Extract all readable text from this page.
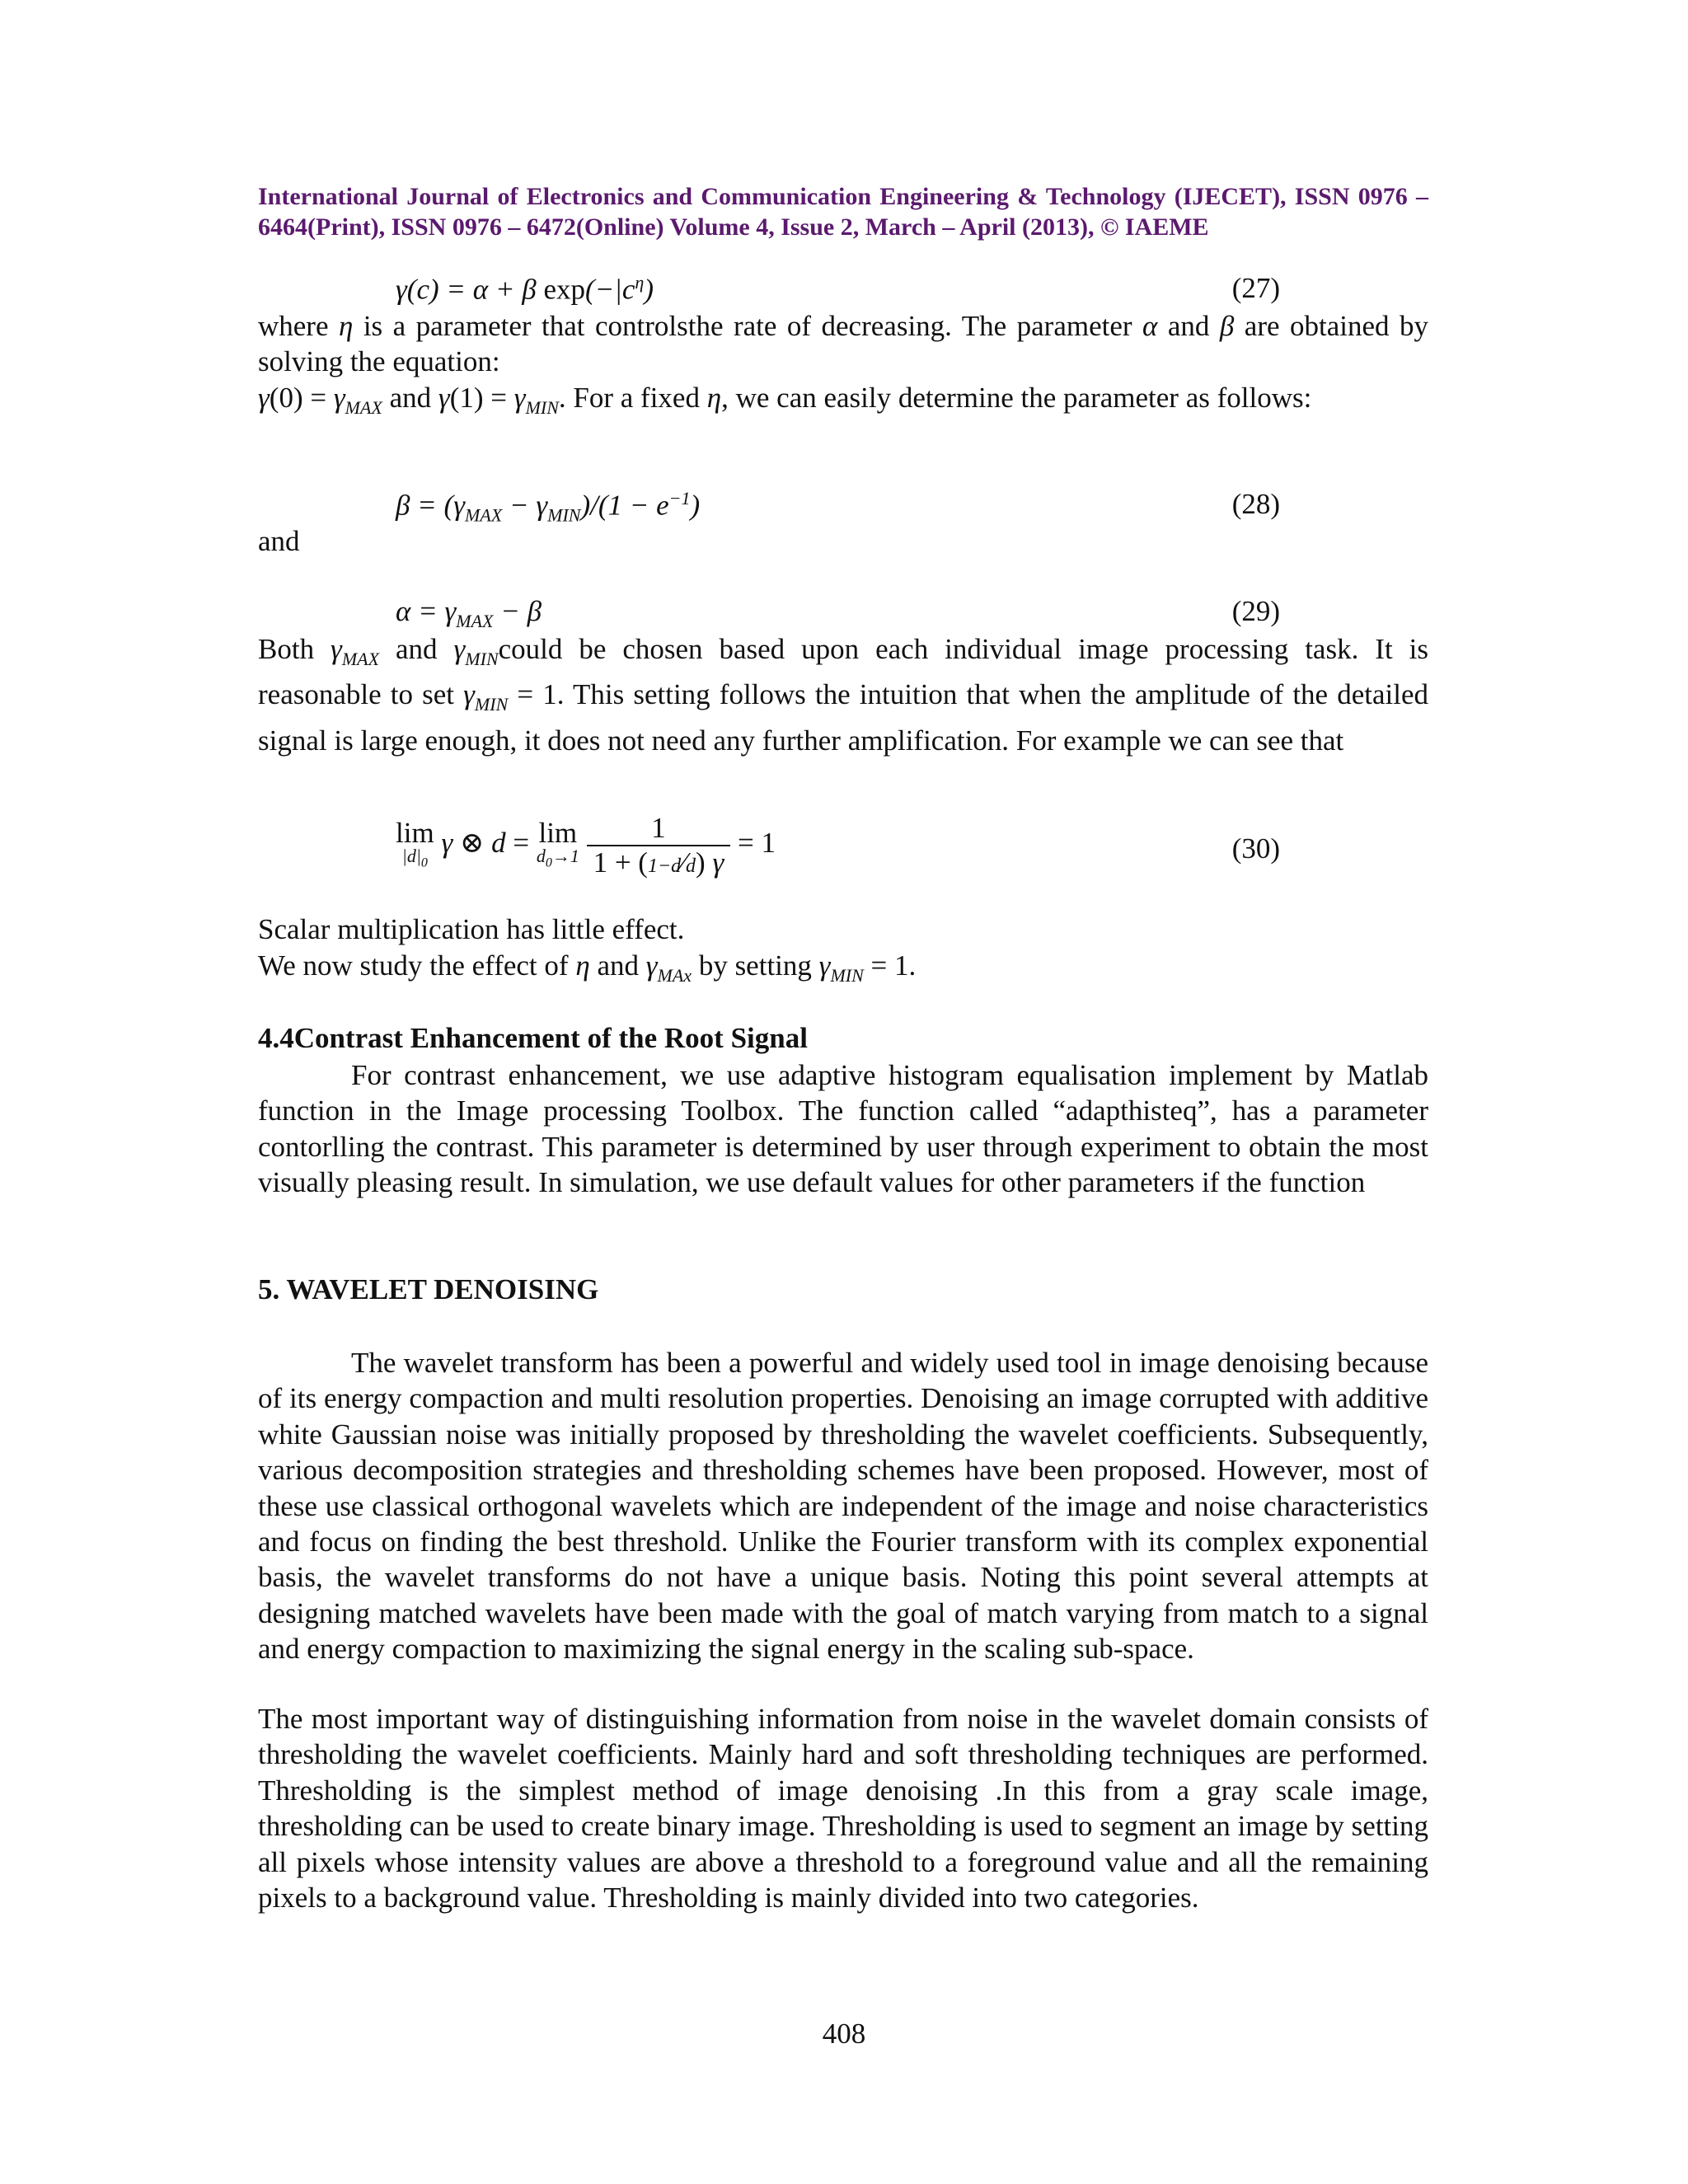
International Journal of Electronics and Communication Engineering & Technology (IJECET), ISSN 0976 – 6464(Print), ISSN 0976 – 6472(Online) Volume 4, Issue 2, March – April (2013), © IAEME
γ(c) = α + β $\exp(-|c^\eta)$	(27)
where η is a parameter that controlsthe rate of decreasing. The parameter α and β are obtained by solving the equation:
$\gamma(0) = \gamma_{MAX}$ and $\gamma(1) = \gamma_{MIN}$. For a fixed η, we can easily determine the parameter as follows:
$\beta = (\gamma_{MAX} - \gamma_{MIN})/(1 - e^{-1})$	(28)
and
$\alpha = \gamma_{MAX} - \beta$	(29)
Both $\gamma_{MAX}$ and $\gamma_{MIN}could$ be chosen based upon each individual image processing task. It is reasonable to set $\gamma_{MIN} = 1$. This setting follows the intuition that when the amplitude of the detailed signal is large enough, it does not need any further amplification. For example we can see that
lim
$|d|_0$
γ ⊗ d = lim
$d_0\to 1$
$\frac{1}{1 + (1-d⁄d) \gamma} = 1$	(30)
Scalar multiplication has little effect.
We now study the effect of η and $\gamma_{MAx}$ by setting $\gamma_{MIN} = 1$.
4.4Contrast Enhancement of the Root Signal
For contrast enhancement, we use adaptive histogram equalisation implement by Matlab function in the Image processing Toolbox. The function called “adapthisteq”, has a parameter contorlling the contrast. This parameter is determined by user through experiment to obtain the most visually pleasing result. In simulation, we use default values for other parameters if the function
5. WAVELET DENOISING
The wavelet transform has been a powerful and widely used tool in image denoising because of its energy compaction and multi resolution properties. Denoising an image corrupted with additive white Gaussian noise was initially proposed by thresholding the wavelet coefficients. Subsequently, various decomposition strategies and thresholding schemes have been proposed. However, most of these use classical orthogonal wavelets which are independent of the image and noise characteristics and focus on finding the best threshold. Unlike the Fourier transform with its complex exponential basis, the wavelet transforms do not have a unique basis. Noting this point several attempts at designing matched wavelets have been made with the goal of match varying from match to a signal and energy compaction to maximizing the signal energy in the scaling sub-space.
The most important way of distinguishing information from noise in the wavelet domain consists of thresholding the wavelet coefficients. Mainly hard and soft thresholding techniques are performed. Thresholding is the simplest method of image denoising .In this from a gray scale image, thresholding can be used to create binary image. Thresholding is used to segment an image by setting all pixels whose intensity values are above a threshold to a foreground value and all the remaining pixels to a background value. Thresholding is mainly divided into two categories.
408
